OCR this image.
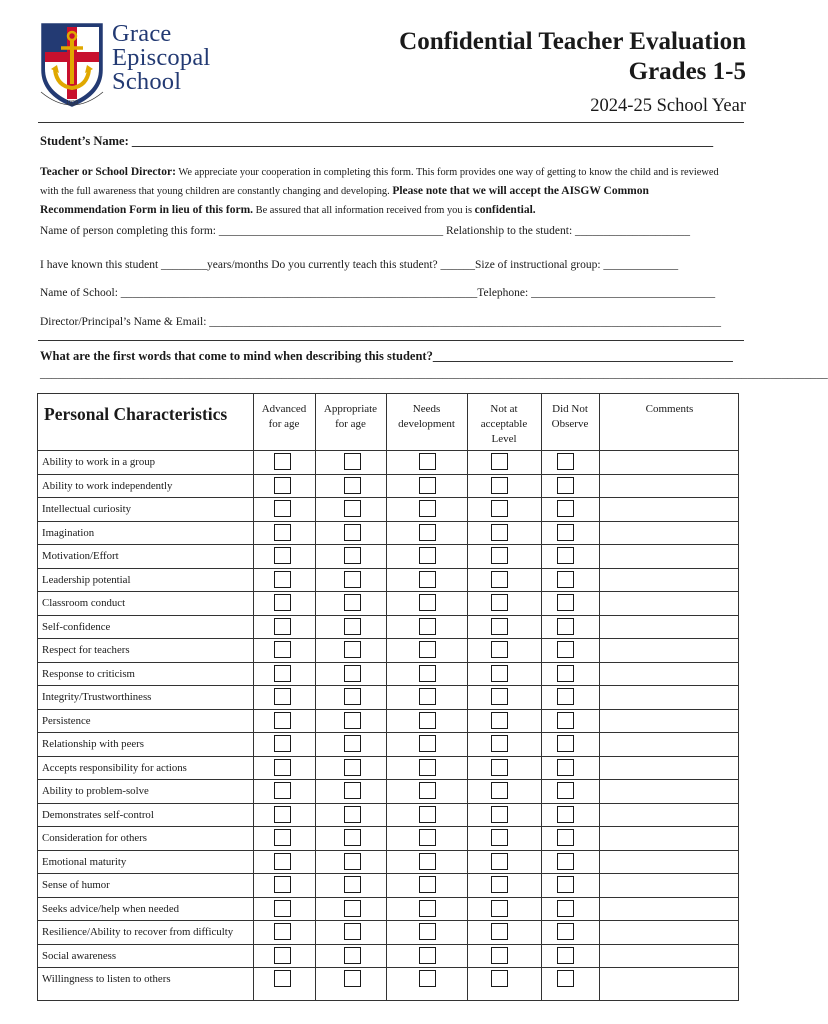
1959
Grace
Episcopal
School
Confidential Teacher Evaluation
Grades 1-5
2024-25 School Year
Student’s Name: _____________________________________________________________________________________________
Teacher or School Director: We appreciate your cooperation in completing this form. This form provides one way of getting to know the child and is reviewed with the full awareness that young children are constantly changing and developing. Please note that we will accept the AISGW Common Recommendation Form in lieu of this form. Be assured that all information received from you is confidential.
Name of person completing this form: _______________________________________ Relationship to the student: ____________________
I have known this student ________years/months Do you currently teach this student? ______Size of instructional group: _____________
Name of School: ______________________________________________________________Telephone: ________________________________
Director/Principal’s Name & Email: _________________________________________________________________________________________
What are the first words that come to mind when describing this student?________________________________________________
_________________________________________________________________________________________________________________________________________
Personal Characteristics	Advanced
for age
Appropriate
for age
Needs
development
Not at
acceptable
Level
Did Not
Observe
Comments
Ability to work in a group
Ability to work independently
Intellectual curiosity
Imagination
Motivation/Effort
Leadership potential
Classroom conduct
Self-confidence
Respect for teachers
Response to criticism
Integrity/Trustworthiness
Persistence
Relationship with peers
Accepts responsibility for actions
Ability to problem-solve
Demonstrates self-control
Consideration for others
Emotional maturity
Sense of humor
Seeks advice/help when needed
Resilience/Ability to recover from difficulty
Social awareness
Willingness to listen to others
